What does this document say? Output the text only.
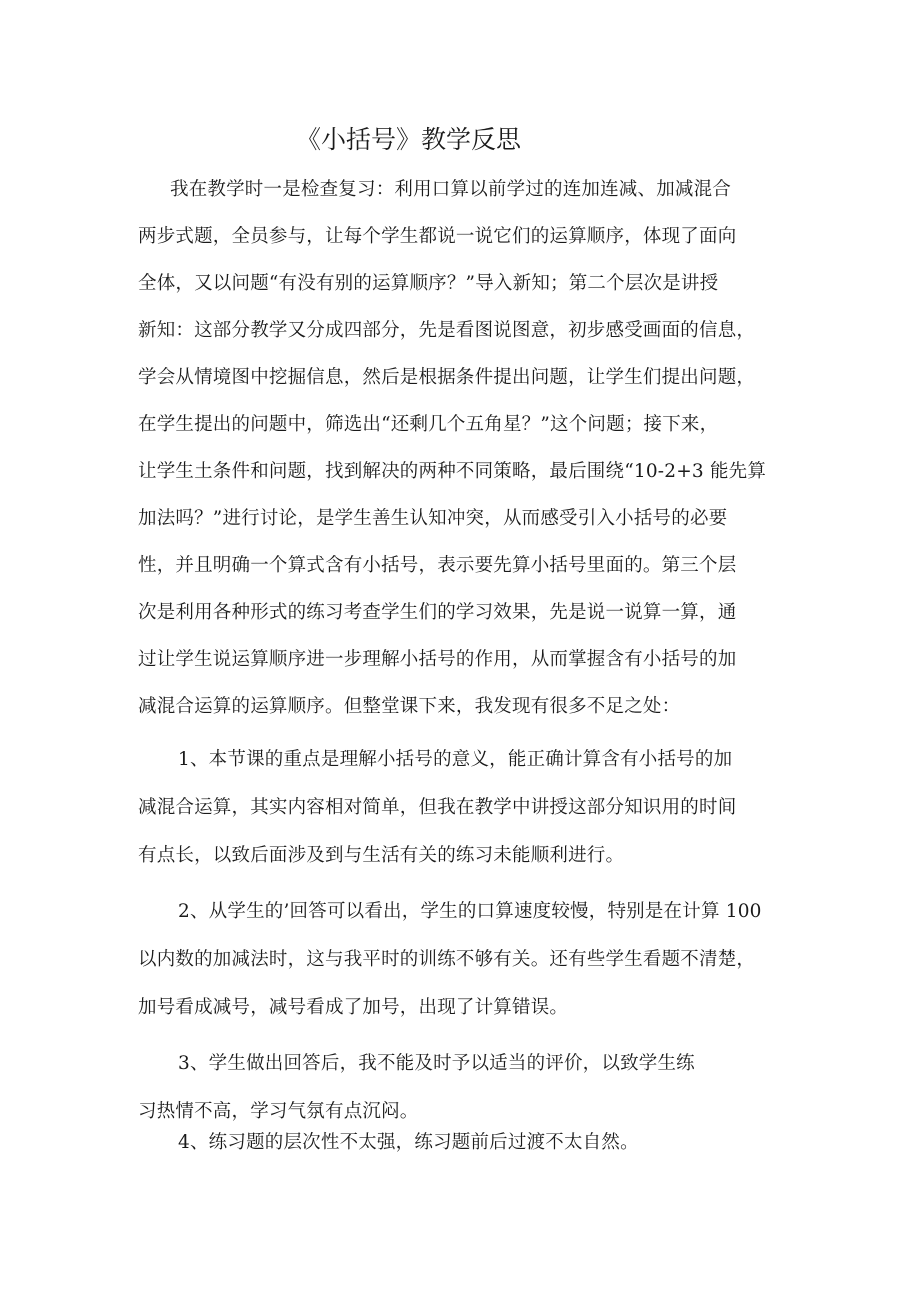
《小括号》教学反思
我在教学时一是检查复习：利用口算以前学过的连加连减、加减混合
两步式题，全员参与，让每个学生都说一说它们的运算顺序，体现了面向
全体，又以问题“有没有别的运算顺序？”导入新知；第二个层次是讲授
新知：这部分教学又分成四部分，先是看图说图意，初步感受画面的信息，
学会从情境图中挖掘信息，然后是根据条件提出问题，让学生们提出问题，
在学生提出的问题中，筛选出“还剩几个五角星？”这个问题；接下来，
让学生土条件和问题，找到解决的两种不同策略，最后围绕“10-2+3 能先算
加法吗？”进行讨论，是学生善生认知冲突，从而感受引入小括号的必要
性，并且明确一个算式含有小括号，表示要先算小括号里面的。第三个层
次是利用各种形式的练习考查学生们的学习效果，先是说一说算一算，通
过让学生说运算顺序进一步理解小括号的作用，从而掌握含有小括号的加
减混合运算的运算顺序。但整堂课下来，我发现有很多不足之处：
1、本节课的重点是理解小括号的意义，能正确计算含有小括号的加
减混合运算，其实内容相对简单，但我在教学中讲授这部分知识用的时间
有点长，以致后面涉及到与生活有关的练习未能顺利进行。
2、从学生的’回答可以看出，学生的口算速度较慢，特别是在计算 100
以内数的加减法时，这与我平时的训练不够有关。还有些学生看题不清楚，
加号看成减号，减号看成了加号，出现了计算错误。
3、学生做出回答后，我不能及时予以适当的评价，以致学生练
习热情不高，学习气氛有点沉闷。
4、练习题的层次性不太强，练习题前后过渡不太自然。
